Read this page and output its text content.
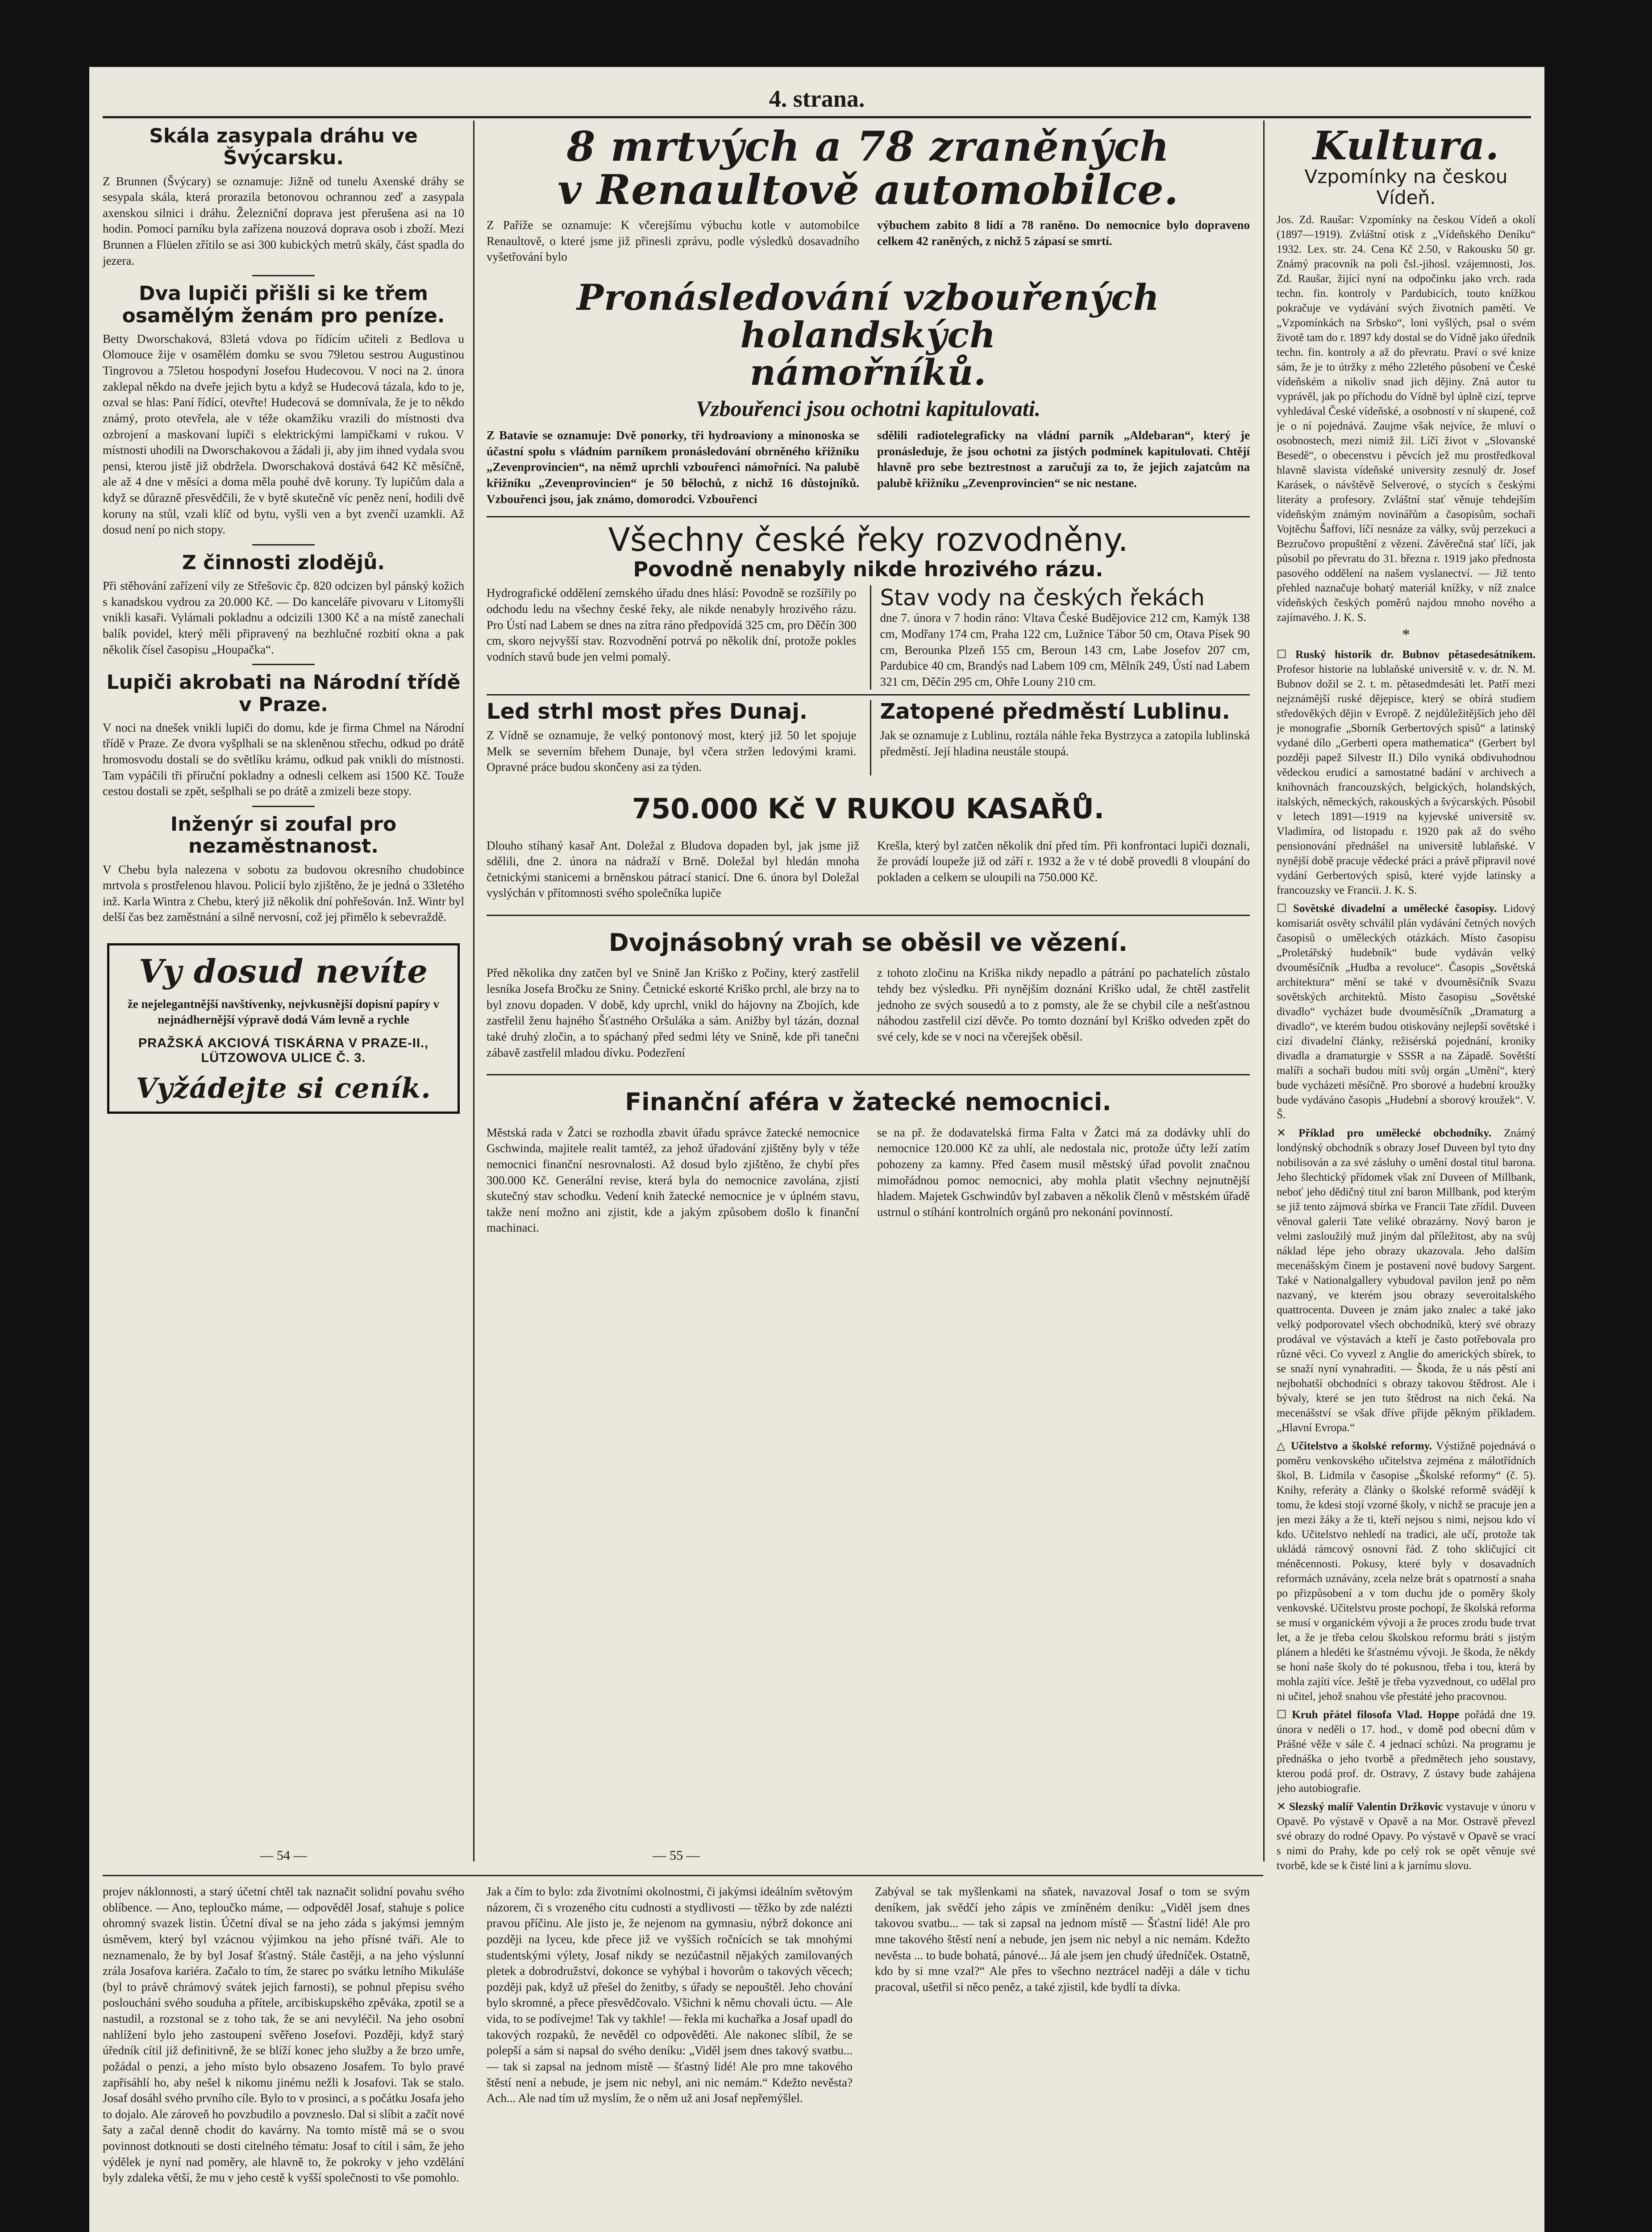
4. strana.
Skála zasypala dráhu ve Švýcarsku.
Z Brunnen (Švýcary) se oznamuje: Jižně od tunelu Axenské dráhy se sesypala skála, která prorazila betonovou ochrannou zeď a zasypala axenskou silnici i dráhu. Železniční doprava jest přerušena asi na 10 hodin. Pomocí parníku byla zařízena nouzová doprava osob i zboží. Mezi Brunnen a Flüelen zřítilo se asi 300 kubických metrů skály, část spadla do jezera.
Dva lupiči přišli si ke třem osamělým ženám pro peníze.
Betty Dworschaková, 83letá vdova po řídícím učiteli z Bedlova u Olomouce žije v osamělém domku se svou 79letou sestrou Augustinou Tingrovou a 75letou hospodyní Josefou Hudecovou. V noci na 2. února zaklepal někdo na dveře jejich bytu a když se Hudecová tázala, kdo to je, ozval se hlas: Paní řídící, otevřte! Hudecová se domnívala, že je to někdo známý, proto otevřela, ale v téže okamžiku vrazili do místnosti dva ozbrojení a maskovaní lupiči s elektrickými lampičkami v rukou. V místnosti uhodili na Dworschakovou a žádali ji, aby jim ihned vydala svou pensi, kterou jistě již obdržela. Dworschaková dostává 642 Kč měsíčně, ale až 4 dne v měsíci a doma měla pouhé dvě koruny. Ty lupičům dala a když se důrazně přesvědčili, že v bytě skutečně víc peněz není, hodili dvě koruny na stůl, vzali klíč od bytu, vyšli ven a byt zvenčí uzamkli. Až dosud není po nich stopy.
Z činnosti zlodějů.
Při stěhování zařízení vily ze Střešovic čp. 820 odcizen byl pánský kožich s kanadskou vydrou za 20.000 Kč. — Do kanceláře pivovaru v Litomyšli vnikli kasaři. Vylámali pokladnu a odcizili 1300 Kč a na místě zanechali balík povidel, který měli připravený na bezhlučné rozbití okna a pak několik čísel časopisu „Houpačka“.
Lupiči akrobati na Národní třídě v Praze.
V noci na dnešek vnikli lupiči do domu, kde je firma Chmel na Národní třídě v Praze. Ze dvora vyšplhali se na skleněnou střechu, odkud po drátě hromosvodu dostali se do světlíku krámu, odkud pak vnikli do místnosti. Tam vypáčili tři příruční pokladny a odnesli celkem asi 1500 Kč. Touže cestou dostali se zpět, sešplhali se po drátě a zmizeli beze stopy.
Inženýr si zoufal pro nezaměstnanost.
V Chebu byla nalezena v sobotu za budovou okresního chudobince mrtvola s prostřelenou hlavou. Policií bylo zjištěno, že je jedná o 33letého inž. Karla Wintra z Chebu, který již několik dní pohřešován. Inž. Wintr byl delší čas bez zaměstnání a silně nervosní, což jej přimělo k sebevraždě.
Vy dosud nevíte
že nejelegantnější navštívenky, nejvkusnější dopisní papíry v nejnádhernější výpravě dodá Vám levně a rychle
PRAŽSKÁ AKCIOVÁ TISKÁRNA V PRAZE-II., LÜTZOWOVA ULICE Č. 3.
Vyžádejte si ceník.
8 mrtvých a 78 zraněných
v Renaultově automobilce.
Z Paříže se oznamuje: K včerejšímu výbuchu kotle v automobilce Renaultově, o které jsme již přinesli zprávu, podle výsledků dosavadního vyšetřování bylo
výbuchem zabito 8 lidí a 78 raněno. Do nemocnice bylo dopraveno celkem 42 raněných, z nichž 5 zápasí se smrtí.
Pronásledování vzbouřených holandských
námořníků.
Vzbouřenci jsou ochotni kapitulovati.
Z Batavie se oznamuje: Dvě ponorky, tři hydroaviony a minonoska se účastní spolu s vládním parníkem pronásledování obrněného křižníku „Zevenprovincien“, na němž uprchli vzbouřenci námořníci. Na palubě křižníku „Zevenprovincien“ je 50 bělochů, z nichž 16 důstojníků. Vzbouřenci jsou, jak známo, domorodci. Vzbouřenci
sdělili radiotelegraficky na vládní parník „Aldebaran“, který je pronásleduje, že jsou ochotni za jistých podmínek kapitulovati. Chtějí hlavně pro sebe beztrestnost a zaručují za to, že jejich zajatcům na palubě křižníku „Zevenprovincien“ se nic nestane.
Všechny české řeky rozvodněny.
Povodně nenabyly nikde hrozivého rázu.
Hydrografické oddělení zemského úřadu dnes hlásí: Povodně se rozšířily po odchodu ledu na všechny české řeky, ale nikde nenabyly hrozivého rázu. Pro Ústí nad Labem se dnes na zítra ráno předpovídá 325 cm, pro Děčín 300 cm, skoro nejvyšší stav. Rozvodnění potrvá po několik dní, protože pokles vodních stavů bude jen velmi pomalý.
Stav vody na českých řekách
dne 7. února v 7 hodin ráno: Vltava České Budějovice 212 cm, Kamýk 138 cm, Modřany 174 cm, Praha 122 cm, Lužnice Tábor 50 cm, Otava Písek 90 cm, Berounka Plzeň 155 cm, Beroun 143 cm, Labe Josefov 207 cm, Pardubice 40 cm, Brandýs nad Labem 109 cm, Mělník 249, Ústí nad Labem 321 cm, Děčín 295 cm, Ohře Louny 210 cm.
Led strhl most přes Dunaj.
Z Vídně se oznamuje, že velký pontonový most, který již 50 let spojuje Melk se severním břehem Dunaje, byl včera stržen ledovými krami. Opravné práce budou skončeny asi za týden.
Zatopené předměstí Lublinu.
Jak se oznamuje z Lublinu, roztála náhle řeka Bystrzyca a zatopila lublinská předměstí. Její hladina neustále stoupá.
750.000 Kč V RUKOU KASAŘŮ.
Dlouho stíhaný kasař Ant. Doležal z Bludova dopaden byl, jak jsme již sdělili, dne 2. února na nádraží v Brně. Doležal byl hledán mnoha četnickými stanicemi a brněnskou pátrací stanicí. Dne 6. února byl Doležal vyslýchán v přítomnosti svého společníka lupiče
Krešla, který byl zatčen několik dní před tím. Při konfrontaci lupiči doznali, že provádí loupeže již od září r. 1932 a že v té době provedli 8 vloupání do pokladen a celkem se uloupili na 750.000 Kč.
Dvojnásobný vrah se oběsil ve vězení.
Před několika dny zatčen byl ve Snině Jan Kriško z Počiny, který zastřelil lesníka Josefa Bročku ze Sniny. Četnické eskorté Kriško prchl, ale brzy na to byl znovu dopaden. V době, kdy uprchl, vnikl do hájovny na Zbojích, kde zastřelil ženu hajného Šťastného Oršuláka a sám. Anižby byl tázán, doznal také druhý zločin, a to spáchaný před sedmi léty ve Snině, kde při tanečni zábavě zastřelil mladou dívku. Podezření
z tohoto zločinu na Kriška nikdy nepadlo a pátrání po pachatelích zůstalo tehdy bez výsledku. Při nynějším doznání Kriško udal, že chtěl zastřelit jednoho ze svých sousedů a to z pomsty, ale že se chybil cíle a nešťastnou náhodou zastřelil cizí děvče. Po tomto doznání byl Kriško odveden zpět do své cely, kde se v noci na včerejšek oběsil.
Finanční aféra v žatecké nemocnici.
Městská rada v Žatci se rozhodla zbavit úřadu správce žatecké nemocnice Gschwinda, majitele realit tamtéž, za jehož úřadování zjištěny byly v téže nemocnici finanční nesrovnalosti. Až dosud bylo zjištěno, že chybí přes 300.000 Kč. Generální revise, která byla do nemocnice zavolána, zjistí skutečný stav schodku. Vedení knih žatecké nemocnice je v úplném stavu, takže není možno ani zjistit, kde a jakým způsobem došlo k finanční machinaci.
se na př. že dodavatelská firma Falta v Žatci má za dodávky uhlí do nemocnice 120.000 Kč za uhlí, ale nedostala nic, protože účty leží zatím pohozeny za kamny. Před časem musil městský úřad povolit značnou mimořádnou pomoc nemocnici, aby mohla platit všechny nejnutnější hladem. Majetek Gschwindův byl zabaven a několik členů v městském úřadě ustrnul o stíhání kontrolních orgánů pro nekonání povinností.
Kultura.
Vzpomínky na českou Vídeň.
Jos. Zd. Raušar: Vzpomínky na českou Vídeň a okolí (1897—1919). Zvláštní otisk z „Vídeňského Deníku“ 1932. Lex. str. 24. Cena Kč 2.50, v Rakousku 50 gr. Známý pracovník na poli čsl.-jihosl. vzájemnosti, Jos. Zd. Raušar, žijící nyní na odpočinku jako vrch. rada techn. fin. kontroly v Pardubicích, touto knížkou pokračuje ve vydávání svých životních pamětí. Ve „Vzpomínkách na Srbsko“, loni vyšlých, psal o svém životě tam do r. 1897 kdy dostal se do Vídně jako úředník techn. fin. kontroly a až do převratu. Praví o své knize sám, že je to útržky z mého 22letého působení ve České vídeňském a nikoliv snad jich dějiny. Zná autor tu vyprávěl, jak po příchodu do Vídně byl úplně cizí, teprve vyhledával České vídeňské, a osobností v ní skupené, což je o ní pojednává. Zaujme však nejvíce, že mluví o osobnostech, mezi nimiž žil. Líčí život v „Slovanské Besedě“, o obecenstvu i pěvcích jež mu prostředkoval hlavně slavista vídeňské university zesnulý dr. Josef Karásek, o návštěvě Selverové, o stycích s českými literáty a profesory. Zvláštní stať věnuje tehdejším vídeňským známým novinářům a časopisům, sochaři Vojtěchu Šaffovi, líčí nesnáze za války, svůj perzekuci a Bezručovo propuštění z vězení. Závěrečná stať líčí, jak působil po převratu do 31. března r. 1919 jako přednosta pasového oddělení na našem vyslanectví. — Již tento přehled naznačuje bohatý materiál knížky, v níž znalce vídeňských českých poměrů najdou mnoho nového a zajímavého. J. K. S.
*
☐ Ruský historik dr. Bubnov pětasedesátníkem. Profesor historie na lublaňské universitě v. v. dr. N. M. Bubnov dožil se 2. t. m. pětasedmdesáti let. Patří mezi nejznámější ruské dějepisce, který se obírá studiem středověkých dějin v Evropě. Z nejdůležitějších jeho děl je monografie „Sborník Gerbertových spisů“ a latinský vydané dílo „Gerberti opera mathematica“ (Gerbert byl později papež Silvestr II.) Dílo vyniká obdivuhodnou vědeckou erudicí a samostatné badání v archivech a knihovnách francouzských, belgických, holandských, italských, německých, rakouských a švýcarských. Působil v letech 1891—1919 na kyjevské universitě sv. Vladimíra, od listopadu r. 1920 pak až do svého pensionování přednášel na universitě lublaňské. V nynější době pracuje vědecké práci a právě připravil nové vydání Gerbertových spisů, které vyjde latinsky a francouzsky ve Francii. J. K. S.
☐ Sovětské divadelní a umělecké časopisy. Lidový komisariát osvěty schválil plán vydávání četných nových časopisů o uměleckých otázkách. Místo časopisu „Proletářský hudebník“ bude vydáván velký dvouměsíčník „Hudba a revoluce“. Časopis „Sovětská architektura“ mění se také v dvouměsíčník Svazu sovětských architektů. Místo časopisu „Sovětské divadlo“ vycházet bude dvouměsíčník „Dramaturg a divadlo“, ve kterém budou otiskovány nejlepší sovětské i cizí divadelní články, režisérská pojednání, kroniky divadla a dramaturgie v SSSR a na Západě. Sovětští malíři a sochaři budou míti svůj orgán „Umění“, který bude vycházeti měsíčně. Pro sborové a hudební kroužky bude vydáváno časopis „Hudební a sborový kroužek“. V. Š.
✕ Příklad pro umělecké obchodníky. Známý londýnský obchodník s obrazy Josef Duveen byl tyto dny nobilisován a za své zásluhy o umění dostal titul barona. Jeho šlechtický přídomek však zní Duveen of Millbank, neboť jeho dědičný titul zní baron Millbank, pod kterým se již tento zájmová sbírka ve Francii Tate zřídil. Duveen věnoval galerii Tate veliké obrazárny. Nový baron je velmi zasloužilý muž jiným dal příležitost, aby na svůj náklad lépe jeho obrazy ukazovala. Jeho dalším mecenášským činem je postavení nové budovy Sargent. Také v Nationalgallery vybudoval pavilon jenž po něm nazvaný, ve kterém jsou obrazy severoitalského quattrocenta. Duveen je znám jako znalec a také jako velký podporovatel všech obchodníků, který své obrazy prodával ve výstavách a kteří je často potřebovala pro různé věci. Co vyvezl z Anglie do amerických sbírek, to se snaží nyní vynahraditi. — Škoda, že u nás pěstí ani nejbohatší obchodníci s obrazy takovou štědrost. Ale i bývaly, které se jen tuto štědrost na nich čeká. Na mecenášství se však dříve přijde pěkným příkladem. „Hlavní Evropa.“
△ Učitelstvo a školské reformy. Výstižně pojednává o poměru venkovského učitelstva zejména z málotřídních škol, B. Lidmila v časopise „Školské reformy“ (č. 5). Knihy, referáty a články o školské reformě svádějí k tomu, že kdesi stojí vzorné školy, v nichž se pracuje jen a jen mezi žáky a že ti, kteří nejsou s nimi, nejsou kdo ví kdo. Učitelstvo nehledí na tradici, ale učí, protože tak ukládá rámcový osnovní řád. Z toho skličující cit méněcennosti. Pokusy, které byly v dosavadních reformách uznávány, zcela nelze brát s opatrností a snaha po přizpůsobení a v tom duchu jde o poměry školy venkovské. Učitelstvu proste pochopí, že školská reforma se musí v organickém vývoji a že proces zrodu bude trvat let, a že je třeba celou školskou reformu bráti s jistým plánem a hleděti ke šťastnému vývoji. Je škoda, že někdy se honí naše školy do té pokusnou, třeba i tou, která by mohla zajíti více. Ještě je třeba vyzvednout, co udělal pro ni učitel, jehož snahou vše přestáté jeho pracovnou.
☐ Kruh přátel filosofa Vlad. Hoppe pořádá dne 19. února v neděli o 17. hod., v domě pod obecní dům v Prášné věže v sále č. 4 jednací schůzi. Na programu je přednáška o jeho tvorbě a předmětech jeho soustavy, kterou podá prof. dr. Ostravy, Z ústavy bude zahájena jeho autobiografie.
✕ Slezský malíř Valentin Držkovic vystavuje v únoru v Opavě. Po výstavě v Opavě a na Mor. Ostravě převezl své obrazy do rodné Opavy. Po výstavě v Opavě se vrací s nimi do Prahy, kde po celý rok se opět věnuje své tvorbě, kde se k čisté lini a k jarnímu slovu.
— 54 —	— 55 —
projev náklonnosti, a starý účetní chtěl tak naznačit solidní povahu svého oblíbence. — Ano, teploučko máme, — odpověděl Josaf, stahuje s police ohromný svazek listin. Účetní díval se na jeho záda s jakýmsi jemným úsměvem, který byl vzácnou výjimkou na jeho přísné tváři. Ale to neznamenalo, že by byl Josaf šťastný. Stále častěji, a na jeho výslunní zrála Josafova kariéra. Začalo to tím, že starec po svátku letního Mikuláše (byl to právě chrámový svátek jejich farnosti), se pohnul přepisu svého poslouchání svého souduha a přítele, arcibiskupského zpěváka, zpotil se a nastudil, a rozstonal se z toho tak, že se ani nevyléčil. Na jeho osobní nahlížení bylo jeho zastoupení svěřeno Josefovi. Později, když starý úředník cítil již definitivně, že se blíží konec jeho služby a že brzo umře, požádal o penzi, a jeho místo bylo obsazeno Josafem. To bylo pravé zapřisáhlí ho, aby nešel k nikomu jinému nežli k Josafovi. Tak se stalo. Josaf dosáhl svého prvního cíle. Bylo to v prosinci, a s počátku Josafa jeho to dojalo. Ale zároveň ho povzbudilo a povzneslo. Dal si slíbit a začít nové šaty a začal denně chodit do kavárny. Na tomto místě má se o svou povinnost dotknouti se dosti citelného tématu: Josaf to cítil i sám, že jeho výdělek je nyní nad poměry, ale hlavně to, že pokroky v jeho vzdělání byly zdaleka větší, že mu v jeho cestě k vyšší společnosti to vše pomohlo.
Jak a čím to bylo: zda životními okolnostmi, či jakýmsi ideálním světovým názorem, či s vrozeného citu cudnosti a stydlivosti — těžko by zde nalézti pravou příčinu. Ale jisto je, že nejenom na gymnasiu, nýbrž dokonce ani později na lyceu, kde přece již ve vyšších ročnících se tak mnohými studentskými výlety, Josaf nikdy se nezúčastnil nějakých zamilovaných pletek a dobrodružství, dokonce se vyhýbal i hovorům o takových věcech; později pak, když už přešel do ženitby, s úřady se nepouštěl. Jeho chování bylo skromné, a přece přesvědčovalo. Všichni k němu chovali úctu. — Ale vida, to se podívejme! Tak vy takhle! — řekla mi kuchařka a Josaf upadl do takových rozpaků, že nevěděl co odpověděti. Ale nakonec slíbil, že se polepší a sám si napsal do svého deníku: „Viděl jsem dnes takový svatbu... — tak si zapsal na jednom místě — šťastný lidé! Ale pro mne takového štěstí není a nebude, je jsem nic nebyl, ani nic nemám.“ Kdežto nevěsta? Ach... Ale nad tím už myslím, že o něm už ani Josaf nepřemýšlel.
Zabýval se tak myšlenkami na sňatek, navazoval Josaf o tom se svým deníkem, jak svědčí jeho zápis ve zmíněném deníku: „Viděl jsem dnes takovou svatbu... — tak si zapsal na jednom místě — Šťastní lidé! Ale pro mne takového štěstí není a nebude, jen jsem nic nebyl a nic nemám. Kdežto nevěsta ... to bude bohatá, pánové... Já ale jsem jen chudý úředníček. Ostatně, kdo by si mne vzal?“ Ale přes to všechno neztrácel naději a dále v tichu pracoval, ušetřil si něco peněz, a také zjistil, kde bydlí ta dívka.
